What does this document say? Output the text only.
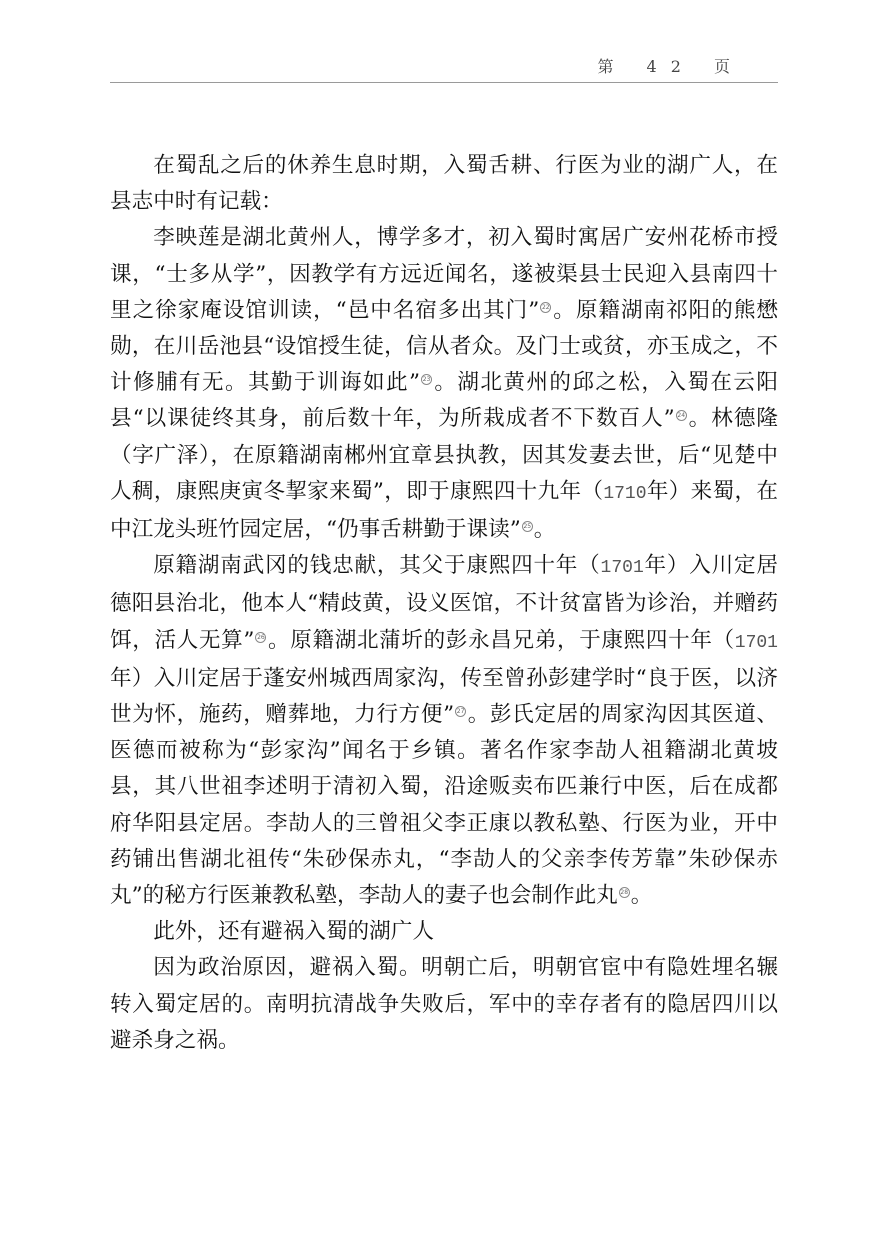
第 42 页

在蜀乱之后的休养生息时期，入蜀舌耕、行医为业的湖广人，在县志中时有记载：

李映莲是湖北黄州人，博学多才，初入蜀时寓居广安州花桥市授课，“士多从学”，因教学有方远近闻名，遂被渠县士民迎入县南四十里之徐家庵设馆训读，“邑中名宿多出其门” 22 。原籍湖南祁阳的熊懋勋，在川岳池县“设馆授生徒，信从者众。及门士或贫，亦玉成之，不计修脯有无。其勤于训诲如此” 23 。湖北黄州的邱之松，入蜀在云阳县“以课徒终其身，前后数十年，为所栽成者不下数百人” 24 。林德隆（字广泽），在原籍湖南郴州宜章县执教，因其发妻去世，后“见楚中人稠，康熙庚寅冬挈家来蜀”，即于康熙四十九年（1710年）来蜀，在中江龙头班竹园定居，“仍事舌耕勤于课读” 25 。

原籍湖南武冈的钱忠献，其父于康熙四十年（1701年）入川定居德阳县治北，他本人“精歧黄，设义医馆，不计贫富皆为诊治，并赠药饵，活人无算” 26 。原籍湖北蒲圻的彭永昌兄弟，于康熙四十年（1701年）入川定居于蓬安州城西周家沟，传至曾孙彭建学时“良于医，以济世为怀，施药，赠葬地，力行方便” 27 。彭氏定居的周家沟因其医道、医德而被称为“彭家沟”闻名于乡镇。著名作家李劼人祖籍湖北黄坡县，其八世祖李述明于清初入蜀，沿途贩卖布匹兼行中医，后在成都府华阳县定居。李劼人的三曾祖父李正康以教私塾、行医为业，开中药铺出售湖北祖传“朱砂保赤丸，“李劼人的父亲李传芳靠”朱砂保赤丸”的秘方行医兼教私塾，李劼人的妻子也会制作此丸 28 。

此外，还有避祸入蜀的湖广人

因为政治原因，避祸入蜀。明朝亡后，明朝官宦中有隐姓埋名辗转入蜀定居的。南明抗清战争失败后，军中的幸存者有的隐居四川以避杀身之祸。
